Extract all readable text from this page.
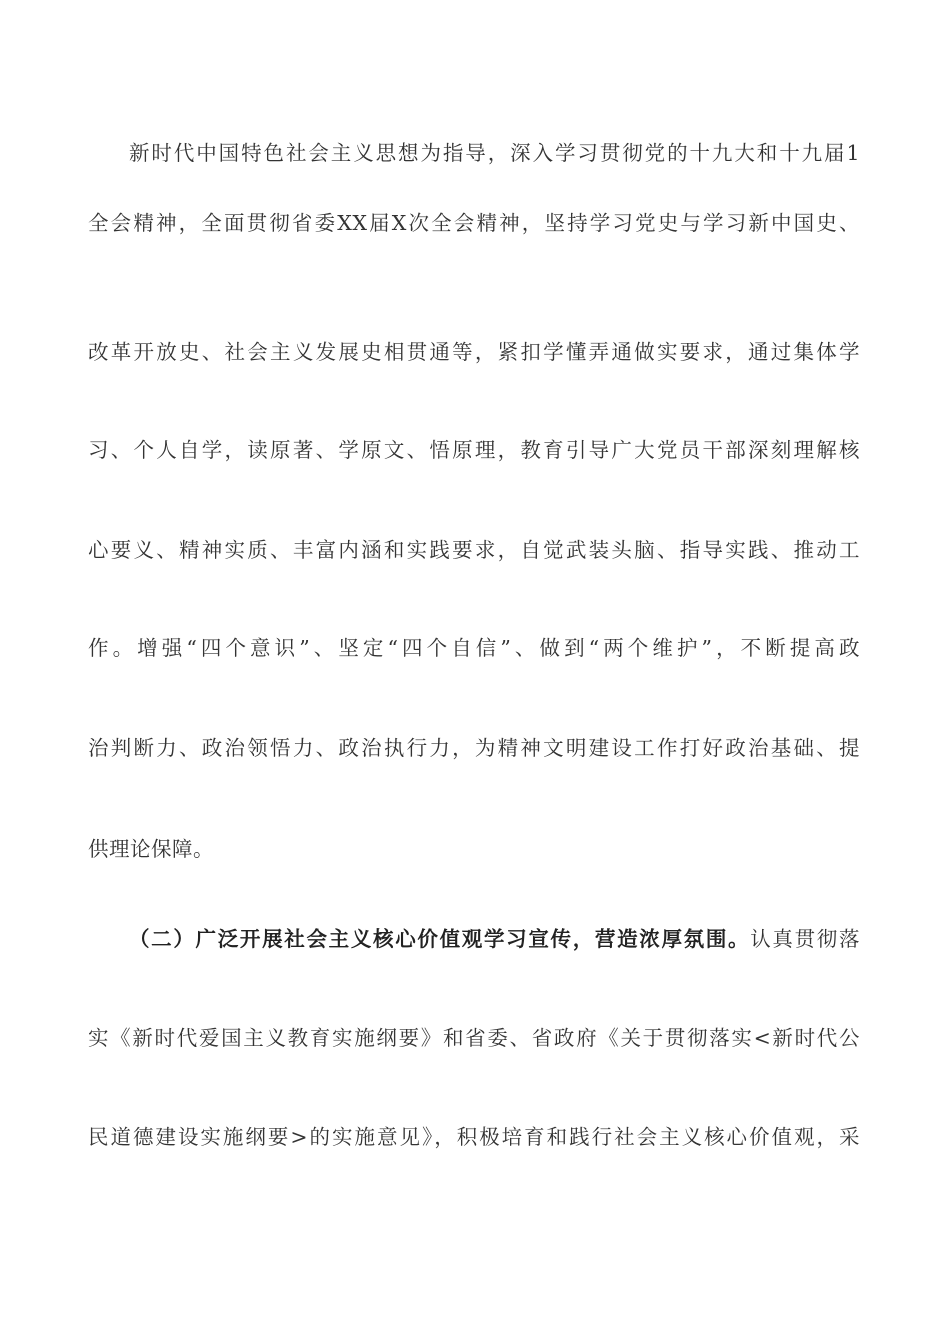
新时代中国特色社会主义思想为指导，深入学习贯彻党的十九大和十九届1
全会精神，全面贯彻省委XX届X次全会精神，坚持学习党史与学习新中国史、
改革开放史、社会主义发展史相贯通等，紧扣学懂弄通做实要求，通过集体学
习、个人自学，读原著、学原文、悟原理，教育引导广大党员干部深刻理解核
心要义、精神实质、丰富内涵和实践要求，自觉武装头脑、指导实践、推动工
作。增强“四个意识”、坚定“四个自信”、做到“两个维护”，不断提高政
治判断力、政治领悟力、政治执行力，为精神文明建设工作打好政治基础、提
供理论保障。
（二）广泛开展社会主义核心价值观学习宣传，营造浓厚氛围。认真贯彻落
实《新时代爱国主义教育实施纲要》和省委、省政府《关于贯彻落实<新时代公
民道德建设实施纲要>的实施意见》，积极培育和践行社会主义核心价值观，采
